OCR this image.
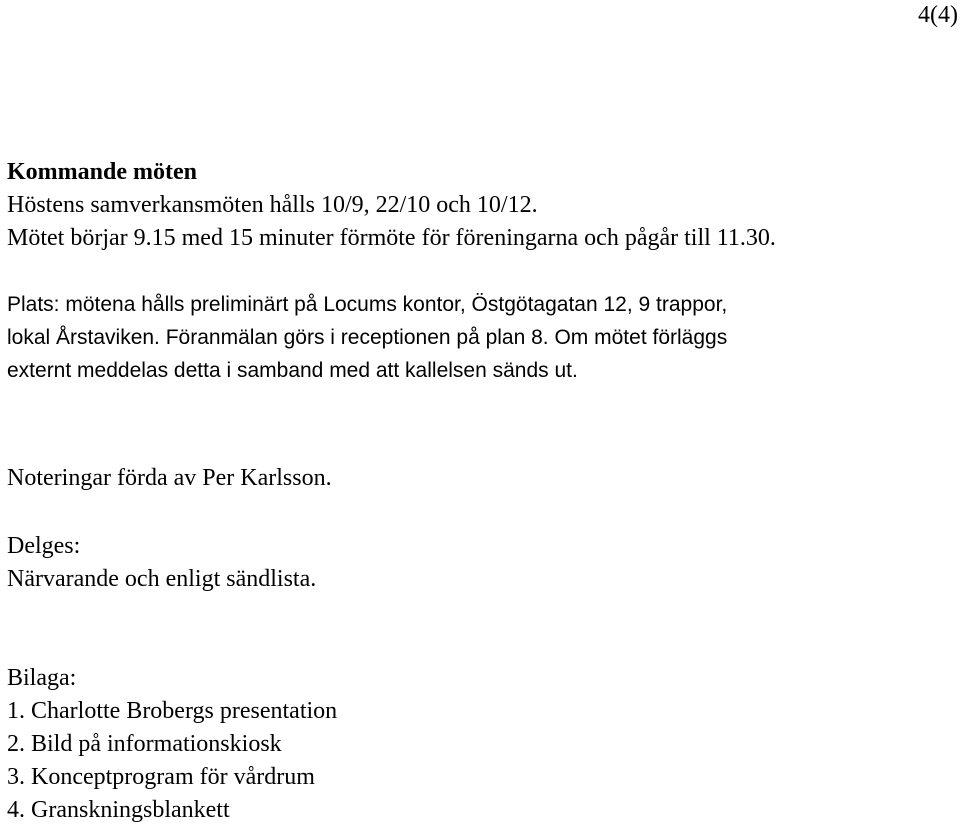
4(4)
Kommande möten
Höstens samverkansmöten hålls 10/9, 22/10 och 10/12.
Mötet börjar 9.15 med 15 minuter förmöte för föreningarna och pågår till 11.30.
Plats: mötena hålls preliminärt på Locums kontor, Östgötagatan 12, 9 trappor,
lokal Årstaviken. Föranmälan görs i receptionen på plan 8. Om mötet förläggs
externt meddelas detta i samband med att kallelsen sänds ut.
Noteringar förda av Per Karlsson.
Delges:
Närvarande och enligt sändlista.
Bilaga:
1. Charlotte Brobergs presentation
2. Bild på informationskiosk
3. Konceptprogram för vårdrum
4. Granskningsblankett
